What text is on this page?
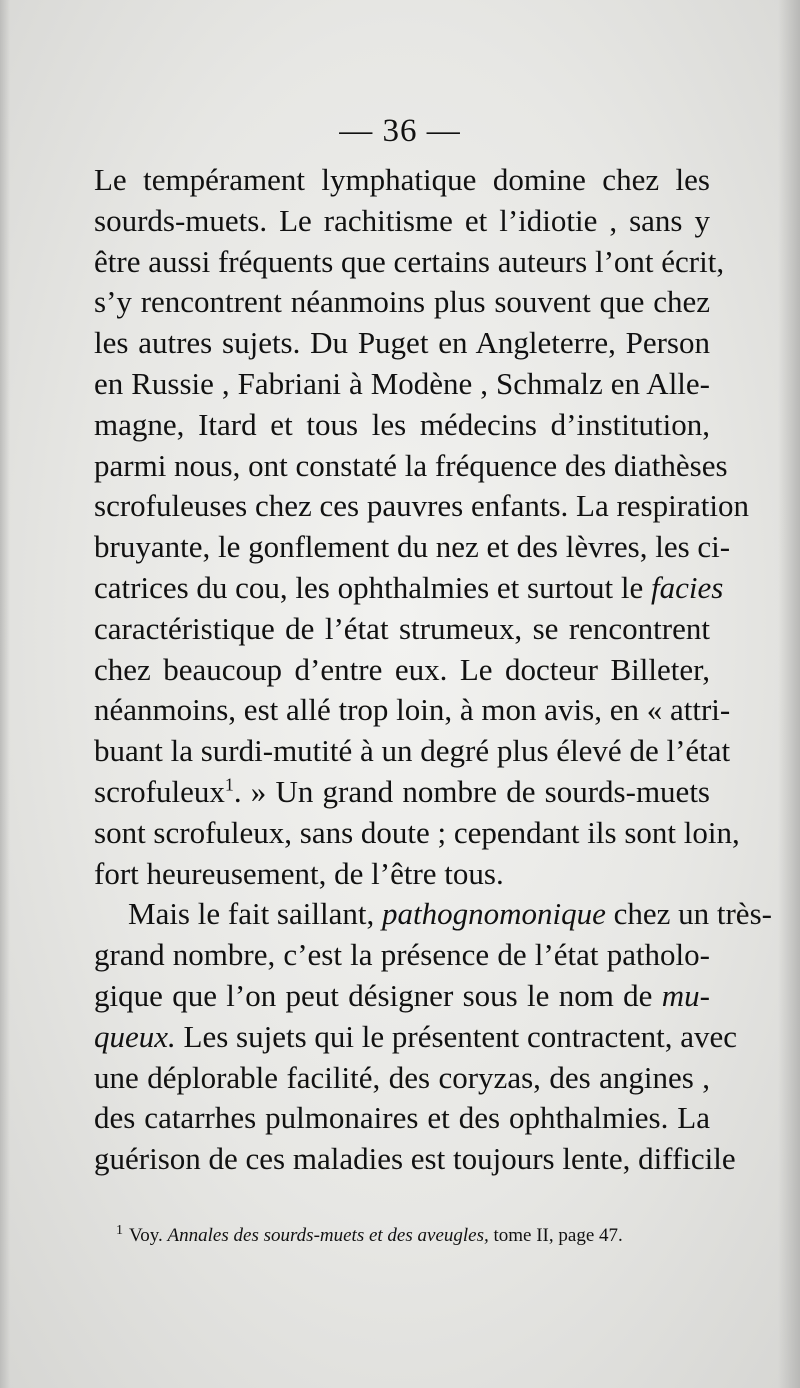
— 36 —
Le tempérament lymphatique domine chez les
sourds-muets. Le rachitisme et l’idiotie , sans y
être aussi fréquents que certains auteurs l’ont écrit,
s’y rencontrent néanmoins plus souvent que chez
les autres sujets. Du Puget en Angleterre, Person
en Russie , Fabriani à Modène , Schmalz en Alle-
magne, Itard et tous les médecins d’institution,
parmi nous, ont constaté la fréquence des diathèses
scrofuleuses chez ces pauvres enfants. La respiration
bruyante, le gonflement du nez et des lèvres, les ci-
catrices du cou, les ophthalmies et surtout le facies
caractéristique de l’état strumeux, se rencontrent
chez beaucoup d’entre eux. Le docteur Billeter,
néanmoins, est allé trop loin, à mon avis, en « attri-
buant la surdi-mutité à un degré plus élevé de l’état
scrofuleux$^1$. » Un grand nombre de sourds-muets
sont scrofuleux, sans doute ; cependant ils sont loin,
fort heureusement, de l’être tous.
Mais le fait saillant, pathognomonique chez un très-
grand nombre, c’est la présence de l’état patholo-
gique que l’on peut désigner sous le nom de mu-
queux. Les sujets qui le présentent contractent, avec
une déplorable facilité, des coryzas, des angines ,
des catarrhes pulmonaires et des ophthalmies. La
guérison de ces maladies est toujours lente, difficile
$^1$ Voy. Annales des sourds-muets et des aveugles, tome II, page 47.
